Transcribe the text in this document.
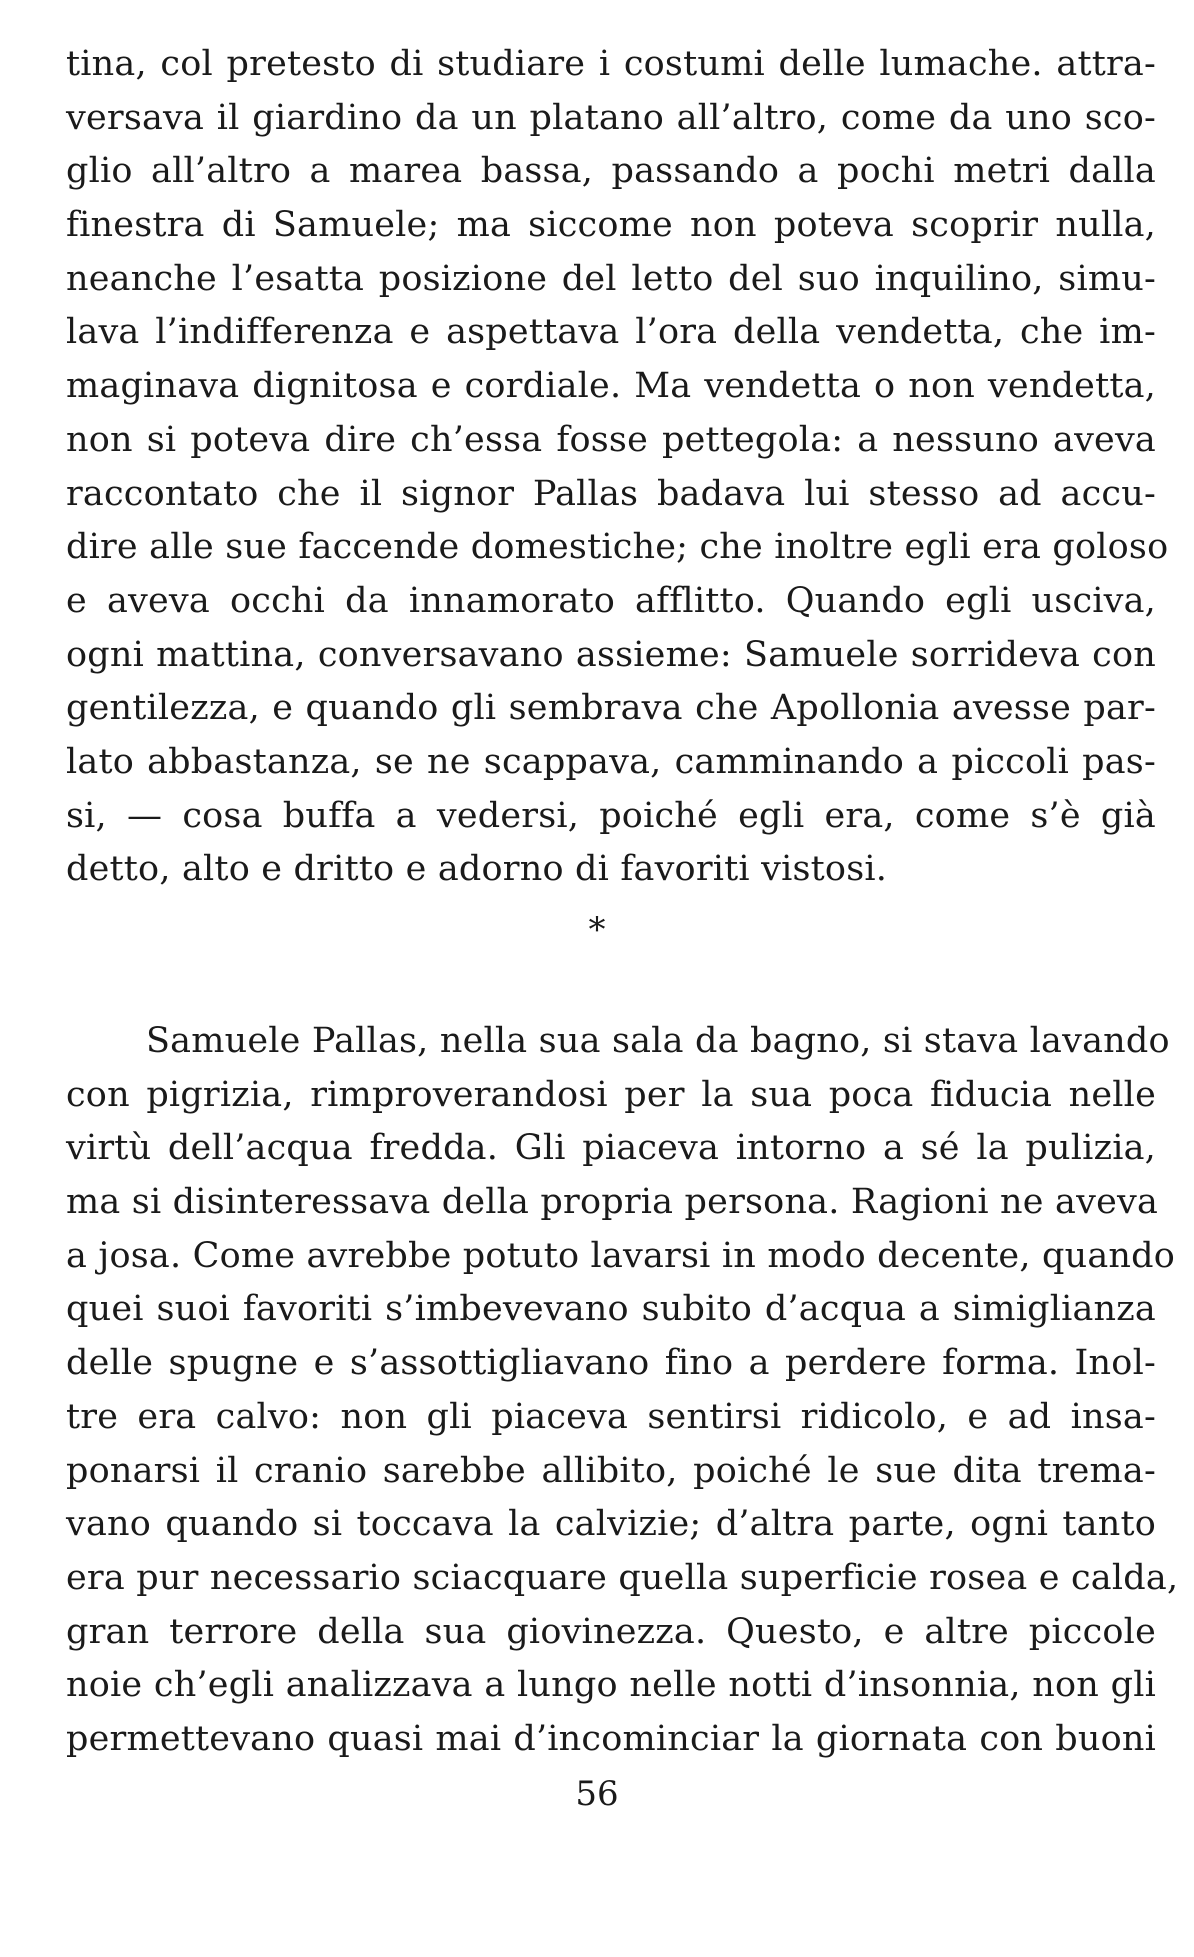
tina, col pretesto di studiare i costumi delle lumache. attra-
versava il giardino da un platano all’altro, come da uno sco-
glio all’altro a marea bassa, passando a pochi metri dalla
finestra di Samuele; ma siccome non poteva scoprir nulla,
neanche l’esatta posizione del letto del suo inquilino, simu-
lava l’indifferenza e aspettava l’ora della vendetta, che im-
maginava dignitosa e cordiale. Ma vendetta o non vendetta,
non si poteva dire ch’essa fosse pettegola: a nessuno aveva
raccontato che il signor Pallas badava lui stesso ad accu-
dire alle sue faccende domestiche; che inoltre egli era goloso
e aveva occhi da innamorato afflitto. Quando egli usciva,
ogni mattina, conversavano assieme: Samuele sorrideva con
gentilezza, e quando gli sembrava che Apollonia avesse par-
lato abbastanza, se ne scappava, camminando a piccoli pas-
si, — cosa buffa a vedersi, poiché egli era, come s’è già
detto, alto e dritto e adorno di favoriti vistosi.
*
Samuele Pallas, nella sua sala da bagno, si stava lavando
con pigrizia, rimproverandosi per la sua poca fiducia nelle
virtù dell’acqua fredda. Gli piaceva intorno a sé la pulizia,
ma si disinteressava della propria persona. Ragioni ne aveva
a josa. Come avrebbe potuto lavarsi in modo decente, quando
quei suoi favoriti s’imbevevano subito d’acqua a simiglianza
delle spugne e s’assottigliavano fino a perdere forma. Inol-
tre era calvo: non gli piaceva sentirsi ridicolo, e ad insa-
ponarsi il cranio sarebbe allibito, poiché le sue dita trema-
vano quando si toccava la calvizie; d’altra parte, ogni tanto
era pur necessario sciacquare quella superficie rosea e calda,
gran terrore della sua giovinezza. Questo, e altre piccole
noie ch’egli analizzava a lungo nelle notti d’insonnia, non gli
permettevano quasi mai d’incominciar la giornata con buoni
56
